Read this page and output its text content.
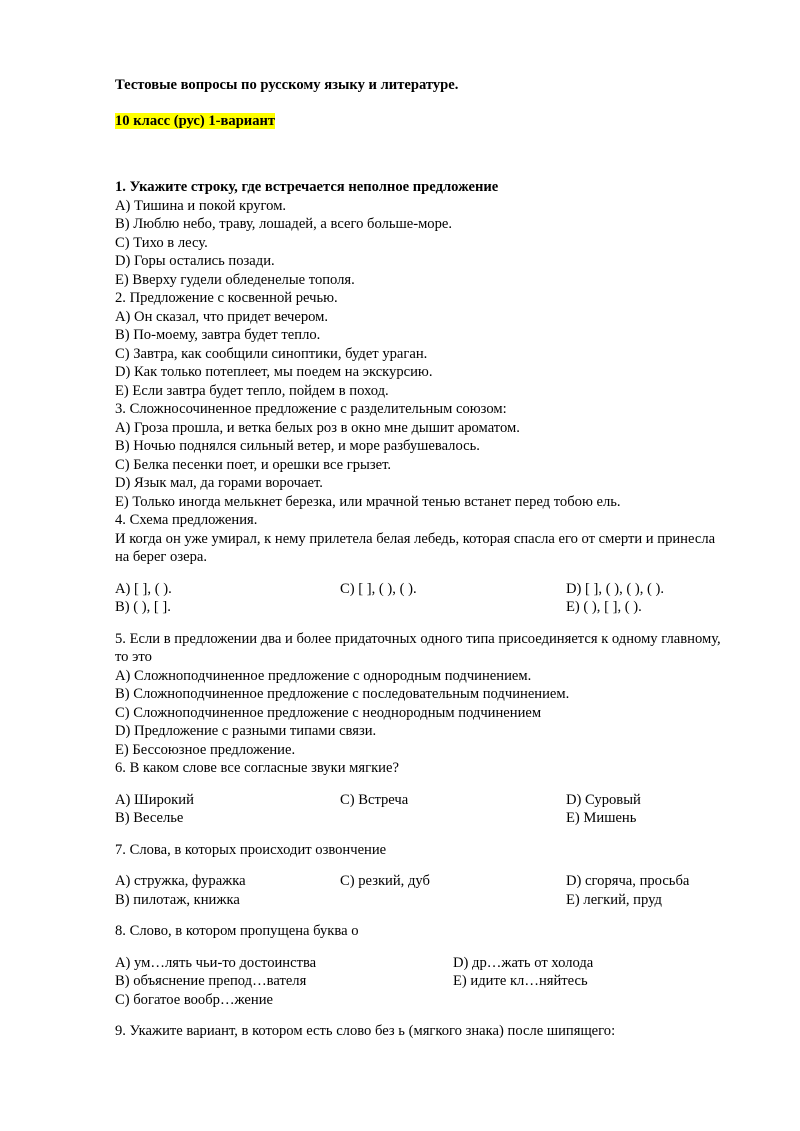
Тестовые вопросы по русскому языку и литературе.
10 класс (рус) 1-вариант
1. Укажите строку, где встречается неполное предложение
A) Тишина и покой кругом.
B) Люблю небо, траву, лошадей, а всего больше-море.
C) Тихо в лесу.
D) Горы остались позади.
E) Вверху гудели обледенелые тополя.
2. Предложение с косвенной речью.
A) Он сказал, что придет вечером.
B) По-моему, завтра будет тепло.
C) Завтра, как сообщили синоптики, будет ураган.
D) Как только потеплеет, мы поедем на экскурсию.
E) Если завтра будет тепло, пойдем в поход.
3. Сложносочиненное предложение с разделительным союзом:
A) Гроза прошла, и ветка белых роз в окно мне дышит ароматом.
B) Ночью поднялся сильный ветер, и море разбушевалось.
C) Белка песенки поет, и орешки все грызет.
D) Язык мал, да горами ворочает.
E) Только иногда мелькнет березка, или мрачной тенью встанет перед тобою ель.
4. Схема предложения.
И когда он уже умирал, к нему прилетела белая лебедь, которая спасла его от смерти и принесла на берег озера.
A) [ ], ( ).	C) [ ], ( ), ( ).	D) [ ], ( ), ( ), ( ).
B) ( ), [ ].	E) ( ), [ ], ( ).
5. Если в предложении два и более придаточных одного типа присоединяется к одному главному, то это
A) Сложноподчиненное предложение с однородным подчинением.
B) Сложноподчиненное предложение с последовательным подчинением.
C) Сложноподчиненное предложение с неоднородным подчинением
D) Предложение с разными типами связи.
E) Бессоюзное предложение.
6. В каком слове все согласные звуки мягкие?
A) Широкий	C) Встреча	D) Суровый
B) Веселье	E) Мишень
7. Слова, в которых происходит озвончение
A) стружка, фуражка	C) резкий, дуб	D) сгоряча, просьба
B) пилотаж, книжка	E) легкий, пруд
8. Слово, в котором пропущена буква о
A) ум…лять чьи-то достоинства	D) др…жать от холода
B) объяснение препод…вателя	E) идите кл…няйтесь
C) богатое вообр…жение
9. Укажите вариант, в котором есть слово без ь (мягкого знака) после шипящего:
